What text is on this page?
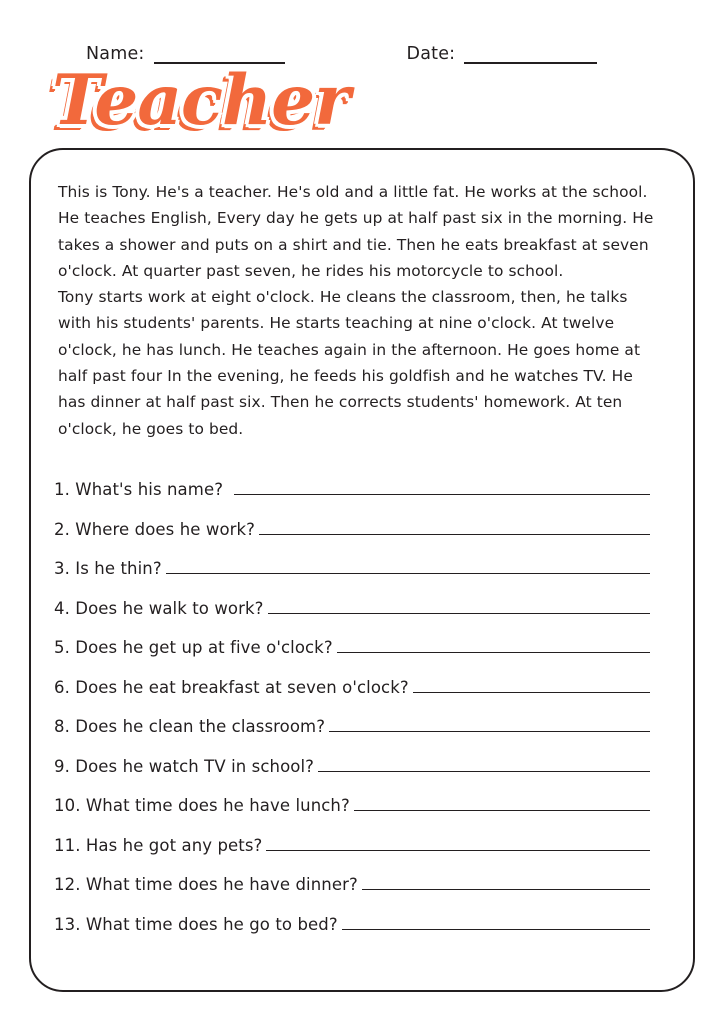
Name:	Date:
Teacher

This is Tony. He's a teacher. He's old and a little fat. He works at the school. He teaches English, Every day he gets up at half past six in the morning. He takes a shower and puts on a shirt and tie. Then he eats breakfast at seven o'clock. At quarter past seven, he rides his motorcycle to school.

Tony starts work at eight o'clock. He cleans the classroom, then, he talks with his students' parents. He starts teaching at nine o'clock. At twelve o'clock, he has lunch. He teaches again in the afternoon. He goes home at half past four In the evening, he feeds his goldfish and he watches TV. He has dinner at half past six. Then he corrects students' homework. At ten o'clock, he goes to bed.

1. What's his name?
2. Where does he work?
3. Is he thin?
4. Does he walk to work?
5. Does he get up at five o'clock?
6. Does he eat breakfast at seven o'clock?
8. Does he clean the classroom?
9. Does he watch TV in school?
10. What time does he have lunch?
11. Has he got any pets?
12. What time does he have dinner?
13. What time does he go to bed?
